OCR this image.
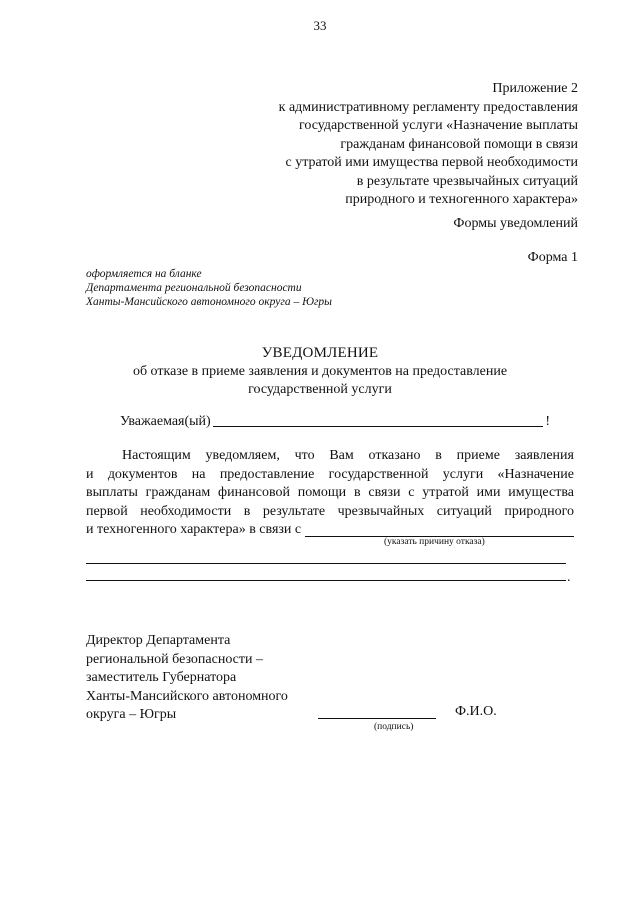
33
Приложение 2
к административному регламенту предоставления
государственной услуги «Назначение выплаты
гражданам финансовой помощи в связи
с утратой ими имущества первой необходимости
в результате чрезвычайных ситуаций
природного и техногенного характера»
Формы уведомлений
Форма 1
оформляется на бланке
Департамента региональной безопасности
Ханты-Мансийского автономного округа – Югры
УВЕДОМЛЕНИЕ
об отказе в приеме заявления и документов на предоставление
государственной услуги
Уважаемая(ый)	!
Настоящим уведомляем, что Вам отказано в приеме заявления
и документов на предоставление государственной услуги «Назначение
выплаты гражданам финансовой помощи в связи с утратой ими имущества
первой необходимости в результате чрезвычайных ситуаций природного
и техногенного характера» в связи с
(указать причину отказа)
.
Директор Департамента
региональной безопасности –
заместитель Губернатора
Ханты-Мансийского автономного
округа – Югры
(подпись)
Ф.И.О.
